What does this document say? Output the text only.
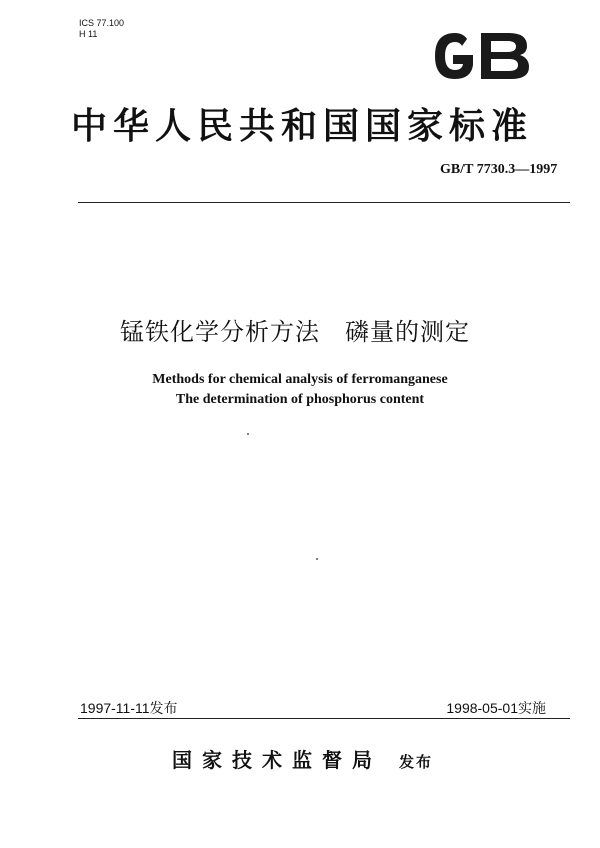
ICS 77.100
H 11
中华人民共和国国家标准
GB/T 7730.3—1997
锰铁化学分析方法　磷量的测定
Methods for chemical analysis of ferromanganese
The determination of phosphorus content
1997-11-11发布	1998-05-01实施
国家技术监督局 发布
